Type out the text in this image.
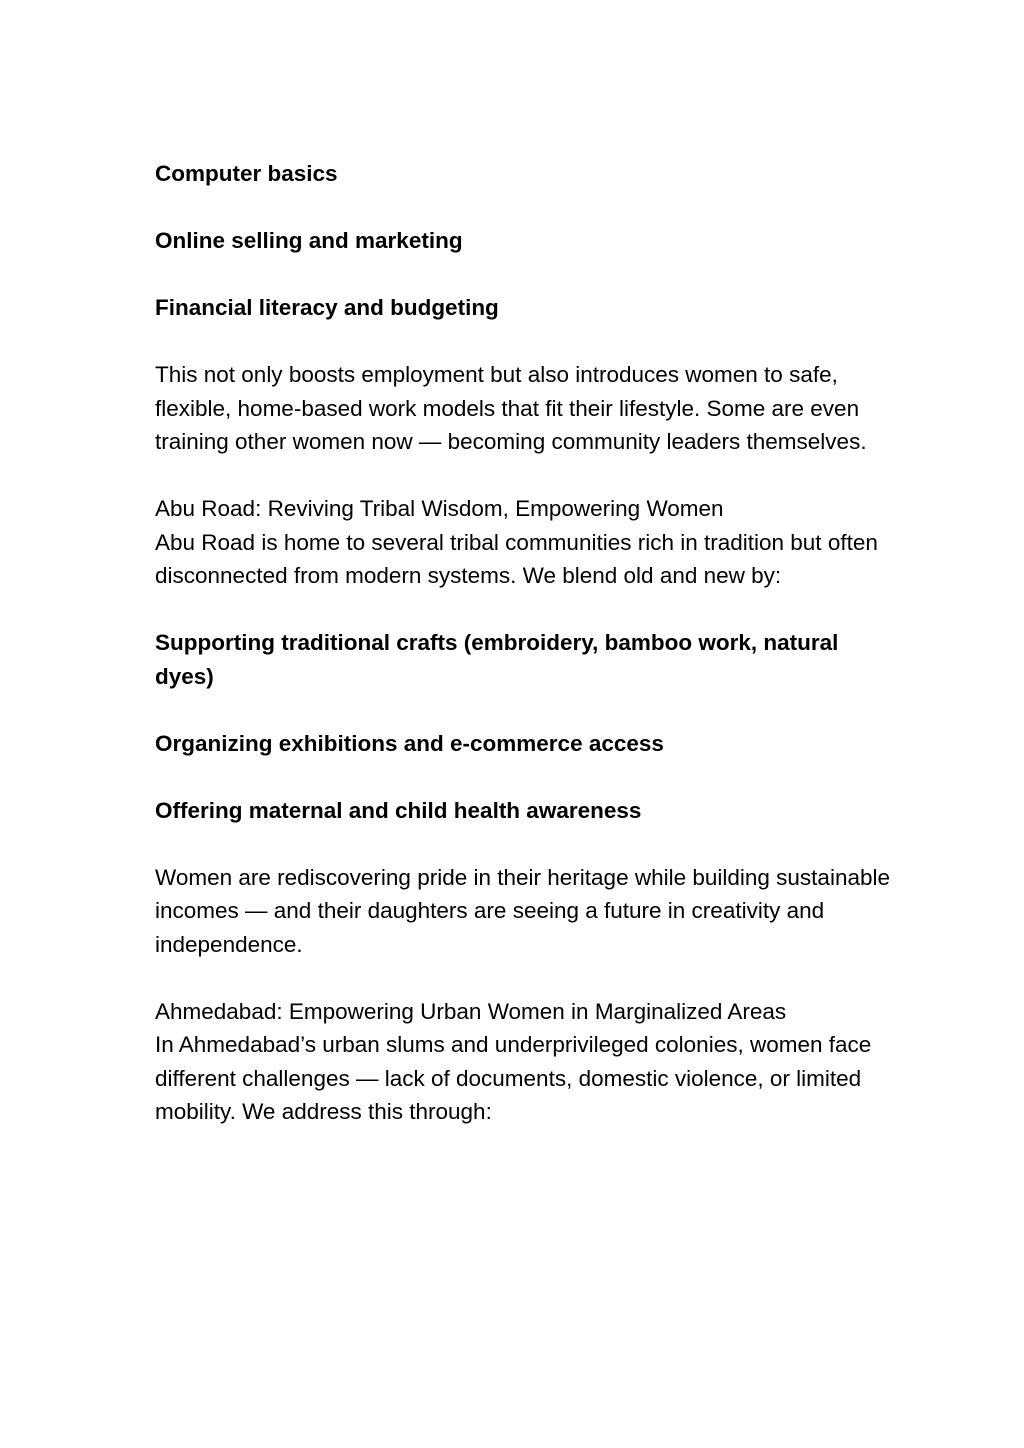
Computer basics

Online selling and marketing

Financial literacy and budgeting

This not only boosts employment but also introduces women to safe, flexible, home-based work models that fit their lifestyle. Some are even training other women now — becoming community leaders themselves.

Abu Road: Reviving Tribal Wisdom, Empowering Women
Abu Road is home to several tribal communities rich in tradition but often disconnected from modern systems. We blend old and new by:

Supporting traditional crafts (embroidery, bamboo work, natural dyes)

Organizing exhibitions and e-commerce access

Offering maternal and child health awareness

Women are rediscovering pride in their heritage while building sustainable incomes — and their daughters are seeing a future in creativity and independence.

Ahmedabad: Empowering Urban Women in Marginalized Areas
In Ahmedabad’s urban slums and underprivileged colonies, women face different challenges — lack of documents, domestic violence, or limited mobility. We address this through:
